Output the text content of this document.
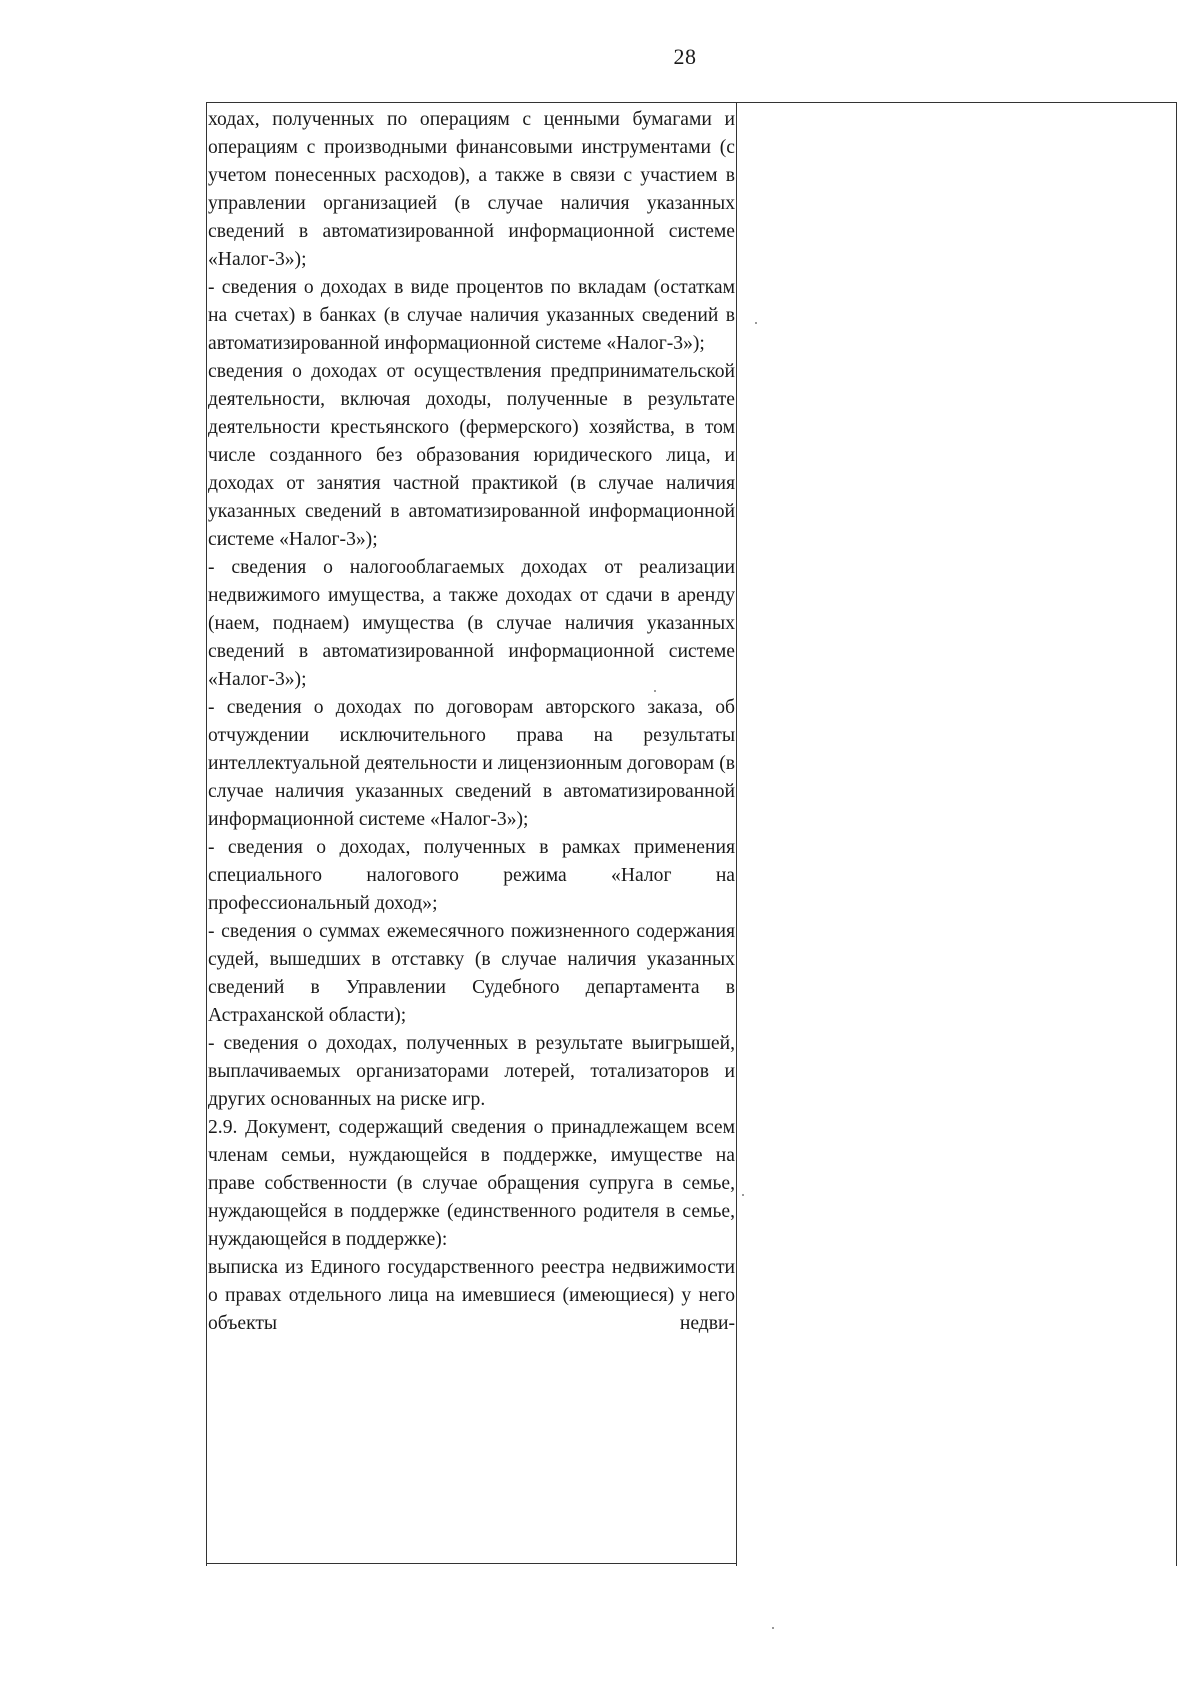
28

ходах, полученных по операциям с ценными бумагами и операциям с производными финансовыми инструментами (с учетом понесенных расходов), а также в связи с участием в управлении организацией (в случае наличия указанных сведений в автоматизированной информационной системе «Налог-3»);

- сведения о доходах в виде процентов по вкладам (остаткам на счетах) в банках (в случае наличия указанных сведений в автоматизированной информационной системе «Налог-3»);

сведения о доходах от осуществления предпринимательской деятельности, включая доходы, полученные в результате деятельности крестьянского (фермерского) хозяйства, в том числе созданного без образования юридического лица, и доходах от занятия частной практикой (в случае наличия указанных сведений в автоматизированной информационной системе «Налог-3»);

- сведения о налогооблагаемых доходах от реализации недвижимого имущества, а также доходах от сдачи в аренду (наем, поднаем) имущества (в случае наличия указанных сведений в автоматизированной информационной системе «Налог-3»);

- сведения о доходах по договорам авторского заказа, об отчуждении исключительного права на результаты интеллектуальной деятельности и лицензионным договорам (в случае наличия указанных сведений в автоматизированной информационной системе «Налог-3»);

- сведения о доходах, полученных в рамках применения специального налогового режима «Налог на профессиональный доход»;

- сведения о суммах ежемесячного пожизненного содержания судей, вышедших в отставку (в случае наличия указанных сведений в Управлении Судебного департамента в Астраханской области);

- сведения о доходах, полученных в результате выигрышей, выплачиваемых организаторами лотерей, тотализаторов и других основанных на риске игр.

2.9. Документ, содержащий сведения о принадлежащем всем членам семьи, нуждающейся в поддержке, имуществе на праве собственности (в случае обращения супруга в семье, нуждающейся в поддержке (единственного родителя в семье, нуждающейся в поддержке):

выписка из Единого государственного реестра недвижимости о правах отдельного лица на имевшиеся (имеющиеся) у него объекты недви-
